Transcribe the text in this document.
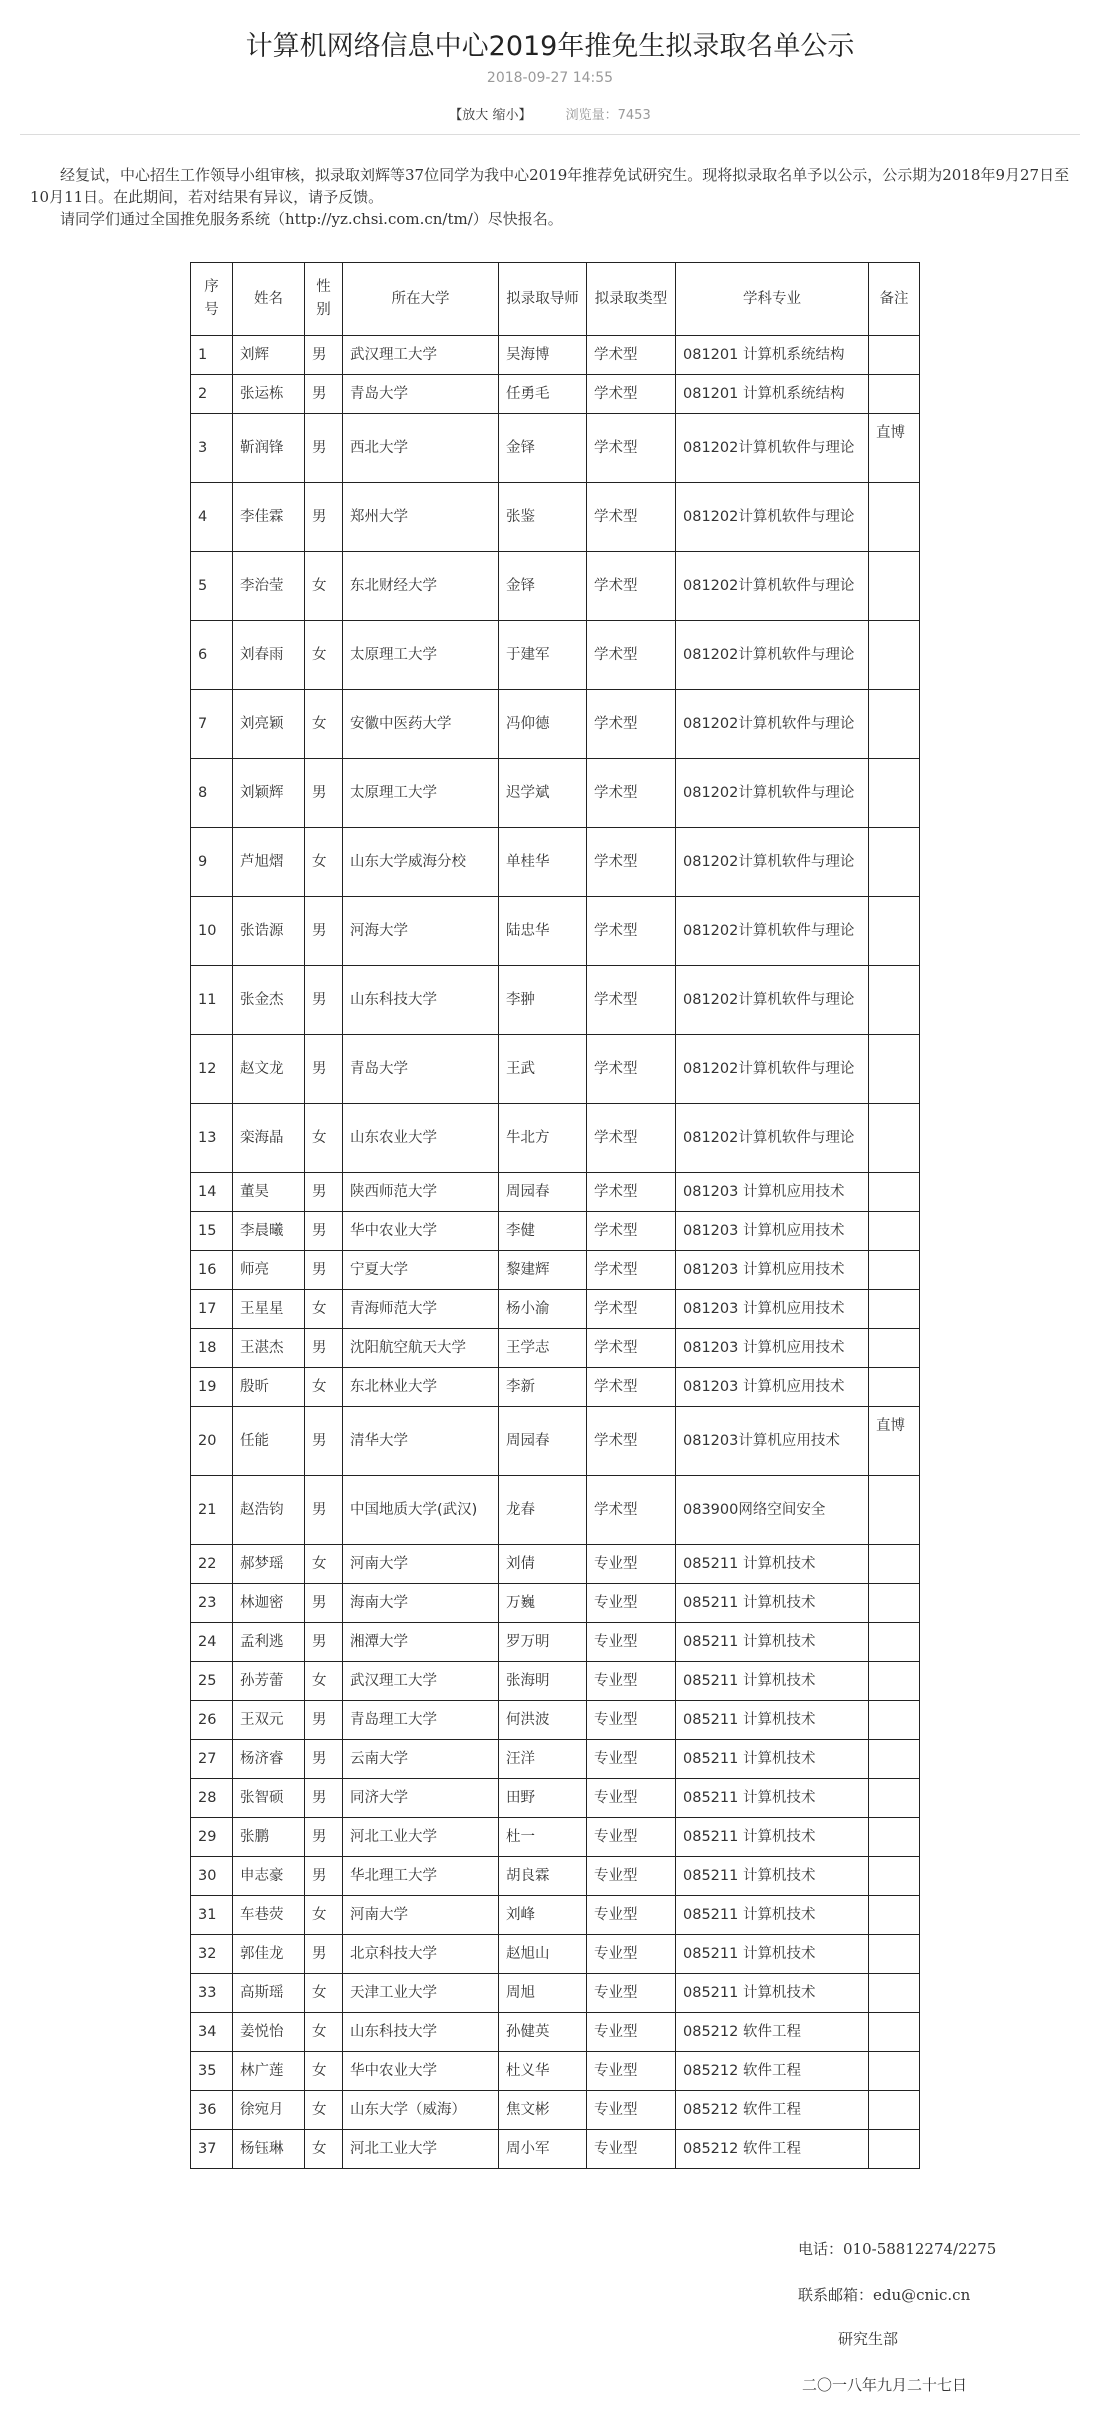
计算机网络信息中心2019年推免生拟录取名单公示
2018-09-27 14:55
【放大 缩小】	浏览量：7453

经复试，中心招生工作领导小组审核，拟录取刘辉等37位同学为我中心2019年推荐免试研究生。现将拟录取名单予以公示，公示期为2018年9月27日至10月11日。在此期间，若对结果有异议，请予反馈。

请同学们通过全国推免服务系统（http://yz.chsi.com.cn/tm/）尽快报名。

序号	姓名	性别	所在大学	拟录取导师	拟录取类型	学科专业	备注
1	刘辉	男	武汉理工大学	吴海博	学术型	081201 计算机系统结构	
2	张运栋	男	青岛大学	任勇毛	学术型	081201 计算机系统结构	
3	靳润锋	男	西北大学	金铎	学术型	081202计算机软件与理论	直博
4	李佳霖	男	郑州大学	张鉴	学术型	081202计算机软件与理论	
5	李治莹	女	东北财经大学	金铎	学术型	081202计算机软件与理论	
6	刘春雨	女	太原理工大学	于建军	学术型	081202计算机软件与理论	
7	刘亮颖	女	安徽中医药大学	冯仰德	学术型	081202计算机软件与理论	
8	刘颖辉	男	太原理工大学	迟学斌	学术型	081202计算机软件与理论	
9	芦旭熠	女	山东大学威海分校	单桂华	学术型	081202计算机软件与理论	
10	张诰源	男	河海大学	陆忠华	学术型	081202计算机软件与理论	
11	张金杰	男	山东科技大学	李翀	学术型	081202计算机软件与理论	
12	赵文龙	男	青岛大学	王武	学术型	081202计算机软件与理论	
13	栾海晶	女	山东农业大学	牛北方	学术型	081202计算机软件与理论	
14	董昊	男	陕西师范大学	周园春	学术型	081203 计算机应用技术	
15	李晨曦	男	华中农业大学	李健	学术型	081203 计算机应用技术	
16	师亮	男	宁夏大学	黎建辉	学术型	081203 计算机应用技术	
17	王星星	女	青海师范大学	杨小渝	学术型	081203 计算机应用技术	
18	王湛杰	男	沈阳航空航天大学	王学志	学术型	081203 计算机应用技术	
19	殷昕	女	东北林业大学	李新	学术型	081203 计算机应用技术	
20	任能	男	清华大学	周园春	学术型	081203计算机应用技术	直博
21	赵浩钧	男	中国地质大学(武汉)	龙春	学术型	083900网络空间安全	
22	郝梦瑶	女	河南大学	刘倩	专业型	085211 计算机技术	
23	林迦密	男	海南大学	万巍	专业型	085211 计算机技术	
24	孟利逃	男	湘潭大学	罗万明	专业型	085211 计算机技术	
25	孙芳蕾	女	武汉理工大学	张海明	专业型	085211 计算机技术	
26	王双元	男	青岛理工大学	何洪波	专业型	085211 计算机技术	
27	杨济睿	男	云南大学	汪洋	专业型	085211 计算机技术	
28	张智硕	男	同济大学	田野	专业型	085211 计算机技术	
29	张鹏	男	河北工业大学	杜一	专业型	085211 计算机技术	
30	申志豪	男	华北理工大学	胡良霖	专业型	085211 计算机技术	
31	车巷荧	女	河南大学	刘峰	专业型	085211 计算机技术	
32	郭佳龙	男	北京科技大学	赵旭山	专业型	085211 计算机技术	
33	高斯瑶	女	天津工业大学	周旭	专业型	085211 计算机技术	
34	姜悦怡	女	山东科技大学	孙健英	专业型	085212 软件工程	
35	林广莲	女	华中农业大学	杜义华	专业型	085212 软件工程	
36	徐宛月	女	山东大学（威海）	焦文彬	专业型	085212 软件工程	
37	杨钰琳	女	河北工业大学	周小军	专业型	085212 软件工程	
电话：010-58812274/2275
联系邮箱：edu@cnic.cn
研究生部
二〇一八年九月二十七日
